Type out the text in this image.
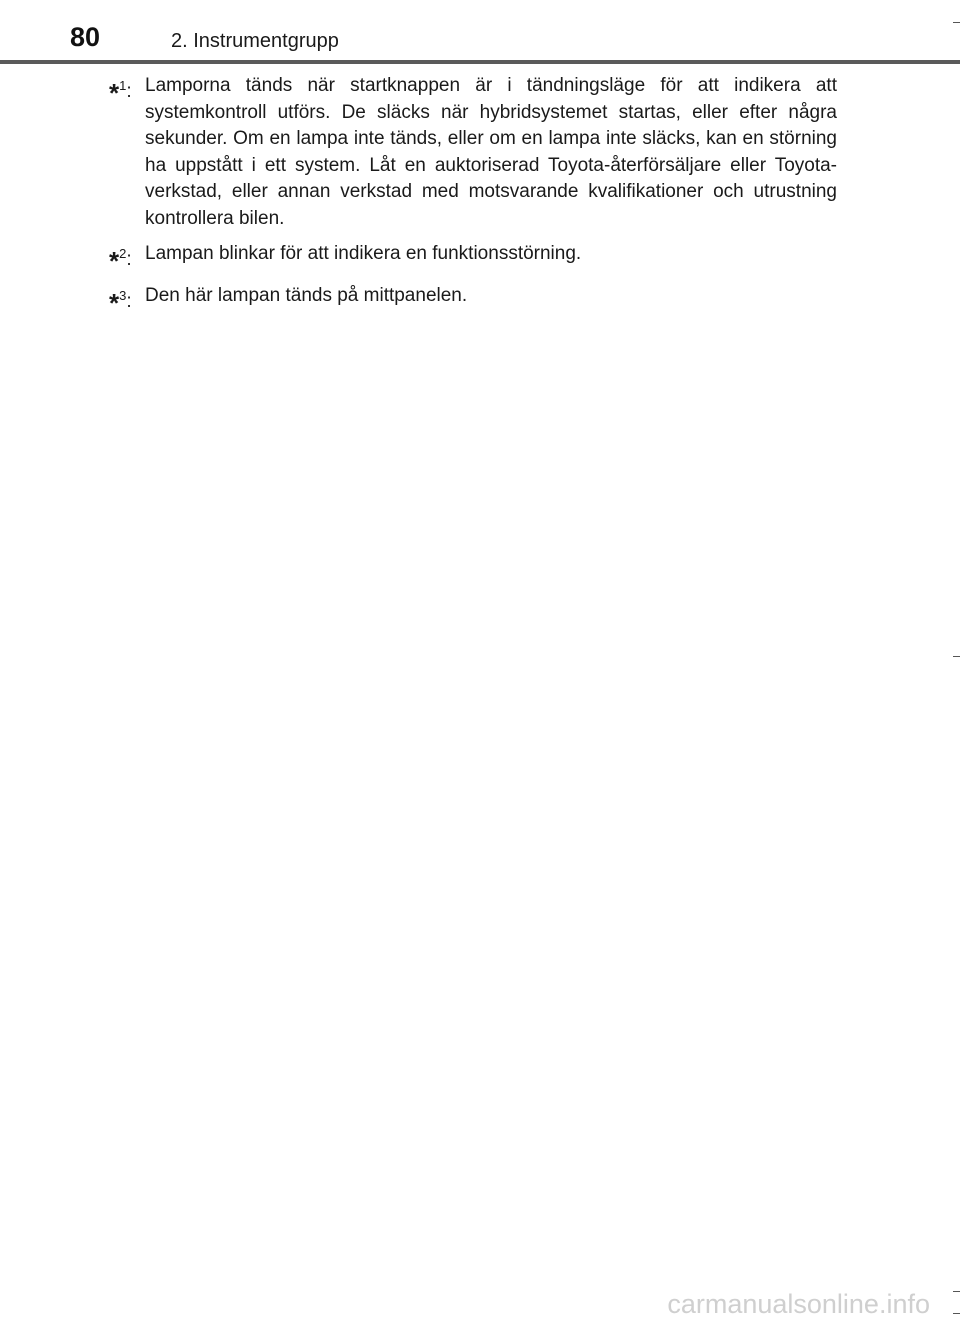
80	2. Instrumentgrupp
*$^1$: Lamporna tänds när startknappen är i tändningsläge för att indikera att systemkontroll utförs. De släcks när hybridsystemet startas, eller efter några sekunder. Om en lampa inte tänds, eller om en lampa inte släcks, kan en störning ha uppstått i ett system. Låt en auktoriserad Toyota-återförsäljare eller Toyota-verkstad, eller annan verkstad med motsvarande kvalifikationer och utrustning kontrollera bilen.
*$^2$: Lampan blinkar för att indikera en funktionsstörning.
*$^3$: Den här lampan tänds på mittpanelen.
carmanualsonline.info
